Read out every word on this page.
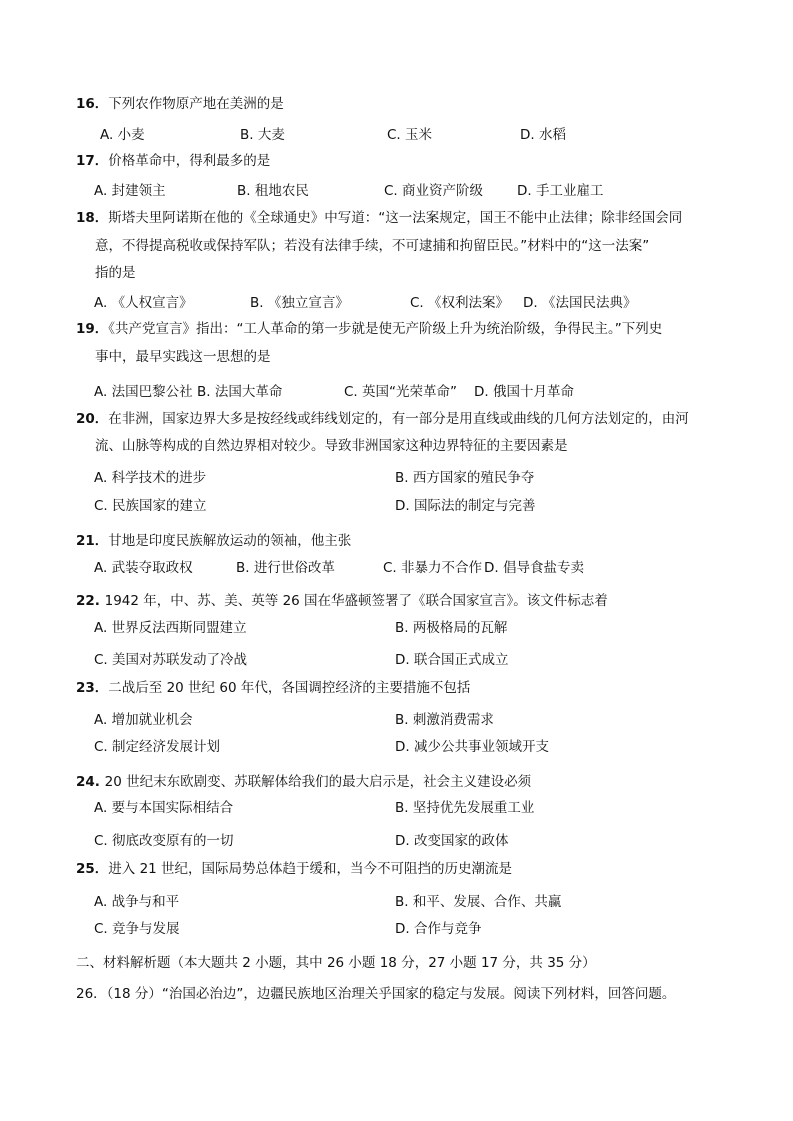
16．下列农作物原产地在美洲的是
A. 小麦	B. 大麦	C. 玉米	D. 水稻
17．价格革命中，得利最多的是
A. 封建领主	B. 租地农民	C. 商业资产阶级	D. 手工业雇工
18．斯塔夫里阿诺斯在他的《全球通史》中写道：“这一法案规定，国王不能中止法律；除非经国会同
意，不得提高税收或保持军队；若没有法律手续，不可逮捕和拘留臣民。”材料中的“这一法案”
指的是
A. 《人权宣言》	B. 《独立宣言》	C. 《权利法案》 D. 《法国民法典》
19．《共产党宣言》指出：“工人革命的第一步就是使无产阶级上升为统治阶级，争得民主。”下列史
事中，最早实践这一思想的是
A. 法国巴黎公社 B. 法国大革命	C. 英国“光荣革命” D. 俄国十月革命
20．在非洲，国家边界大多是按经线或纬线划定的，有一部分是用直线或曲线的几何方法划定的，由河
流、山脉等构成的自然边界相对较少。导致非洲国家这种边界特征的主要因素是
A. 科学技术的进步	B. 西方国家的殖民争夺
C. 民族国家的建立	D. 国际法的制定与完善
21．甘地是印度民族解放运动的领袖，他主张
A. 武装夺取政权	B. 进行世俗改革	C. 非暴力不合作 D. 倡导食盐专卖
22. 1942 年，中、苏、美、英等 26 国在华盛顿签署了《联合国家宣言》。该文件标志着
A. 世界反法西斯同盟建立	B. 两极格局的瓦解
C. 美国对苏联发动了冷战	D. 联合国正式成立
23．二战后至 20 世纪 60 年代，各国调控经济的主要措施不包括
A. 增加就业机会	B. 刺激消费需求
C. 制定经济发展计划	D. 减少公共事业领域开支
24. 20 世纪末东欧剧变、苏联解体给我们的最大启示是，社会主义建设必须
A. 要与本国实际相结合	B. 坚持优先发展重工业
C. 彻底改变原有的一切	D. 改变国家的政体
25．进入 21 世纪，国际局势总体趋于缓和，当今不可阻挡的历史潮流是
A. 战争与和平	B. 和平、发展、合作、共赢
C. 竞争与发展	D. 合作与竞争
二、材料解析题（本大题共 2 小题，其中 26 小题 18 分，27 小题 17 分，共 35 分）
26．（18 分）“治国必治边”，边疆民族地区治理关乎国家的稳定与发展。阅读下列材料，回答问题。
